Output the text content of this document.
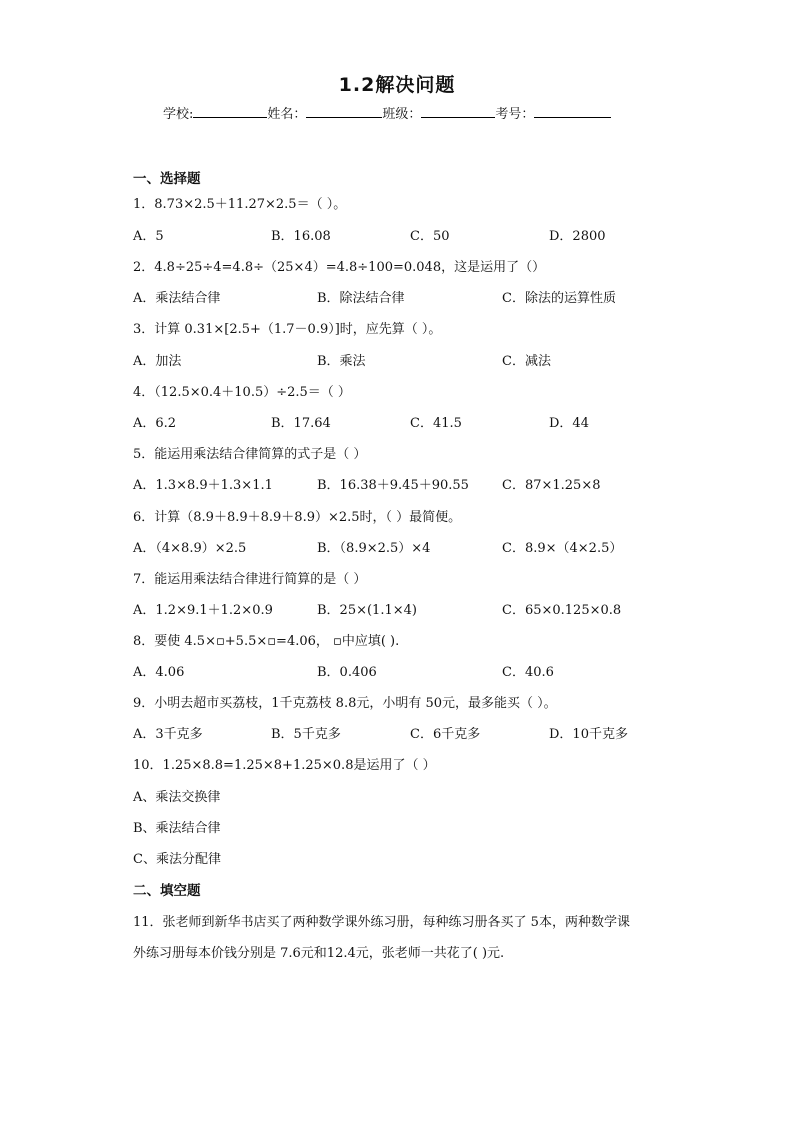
1.2解决问题
学校:	姓名：	班级：	考号：
一、选择题
1．8.73×2.5＋11.27×2.5＝（ ）。
A．5	B．16.08	C．50	D．2800
2．4.8÷25÷4=4.8÷（25×4）=4.8÷100=0.048，这是运用了（）
A．乘法结合律	B．除法结合律	C．除法的运算性质
3．计算 0.31×[2.5+（1.7－0.9）]时，应先算（ ）。
A．加法	B．乘法	C．减法
4．（12.5×0.4＋10.5）÷2.5＝（ ）
A．6.2	B．17.64	C．41.5	D．44
5．能运用乘法结合律简算的式子是（ ）
A．1.3×8.9＋1.3×1.1	B．16.38＋9.45＋90.55	C．87×1.25×8
6．计算（8.9＋8.9＋8.9＋8.9）×2.5时，（ ）最简便。
A．（4×8.9）×2.5	B．（8.9×2.5）×4	C．8.9×（4×2.5）
7．能运用乘法结合律进行简算的是（ ）
A．1.2×9.1＋1.2×0.9	B．25×(1.1×4)	C．65×0.125×0.8
8．要使 4.5×▫+5.5×▫=4.06， ▫中应填( ).
A．4.06	B．0.406	C．40.6
9．小明去超市买荔枝，1千克荔枝 8.8元，小明有 50元，最多能买（ ）。
A．3千克多	B．5千克多	C．6千克多	D．10千克多
10．1.25×8.8=1.25×8+1.25×0.8是运用了（ ）
A、乘法交换律
B、乘法结合律
C、乘法分配律
二、填空题
11．张老师到新华书店买了两种数学课外练习册，每种练习册各买了 5本，两种数学课
外练习册每本价钱分别是 7.6元和12.4元，张老师一共花了( )元.
